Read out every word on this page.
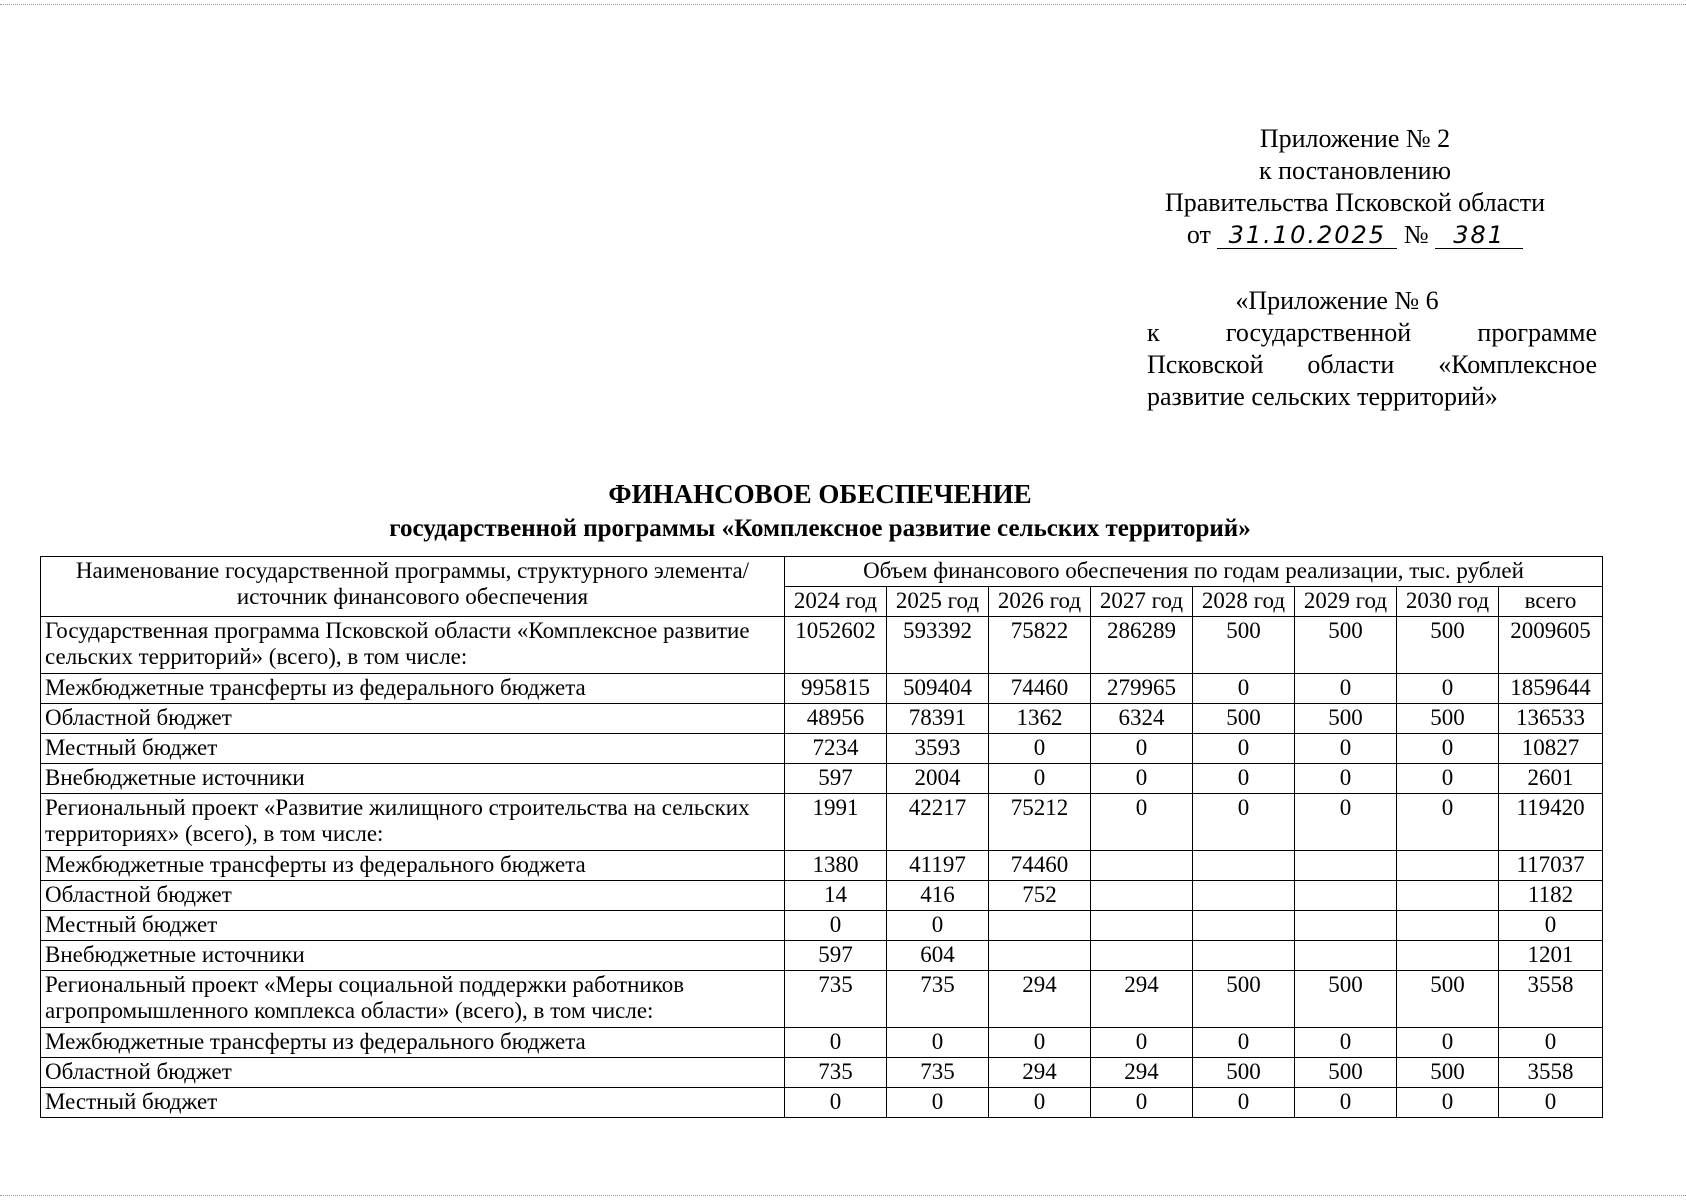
Приложение № 2
к постановлению
Правительства Псковской области
от 31.10.2025 № 381
«Приложение № 6
к государственной программе
Псковской области «Комплексное
развитие сельских территорий»
ФИНАНСОВОЕ ОБЕСПЕЧЕНИЕ
государственной программы «Комплексное развитие сельских территорий»
Наименование государственной программы, структурного элемента/источник финансового обеспечения	Объем финансового обеспечения по годам реализации, тыс. рублей							
	2024 год	2025 год	2026 год	2027 год	2028 год	2029 год	2030 год	всего
Государственная программа Псковской области «Комплексное развитие сельских территорий» (всего), в том числе:	1052602	593392	75822	286289	500	500	500	2009605
Межбюджетные трансферты из федерального бюджета	995815	509404	74460	279965	0	0	0	1859644
Областной бюджет	48956	78391	1362	6324	500	500	500	136533
Местный бюджет	7234	3593	0	0	0	0	0	10827
Внебюджетные источники	597	2004	0	0	0	0	0	2601
Региональный проект «Развитие жилищного строительства на сельских территориях» (всего), в том числе:	1991	42217	75212	0	0	0	0	119420
Межбюджетные трансферты из федерального бюджета	1380	41197	74460					117037
Областной бюджет	14	416	752					1182
Местный бюджет	0	0						0
Внебюджетные источники	597	604						1201
Региональный проект «Меры социальной поддержки работников агропромышленного комплекса области» (всего), в том числе:	735	735	294	294	500	500	500	3558
Межбюджетные трансферты из федерального бюджета	0	0	0	0	0	0	0	0
Областной бюджет	735	735	294	294	500	500	500	3558
Местный бюджет	0	0	0	0	0	0	0	0
